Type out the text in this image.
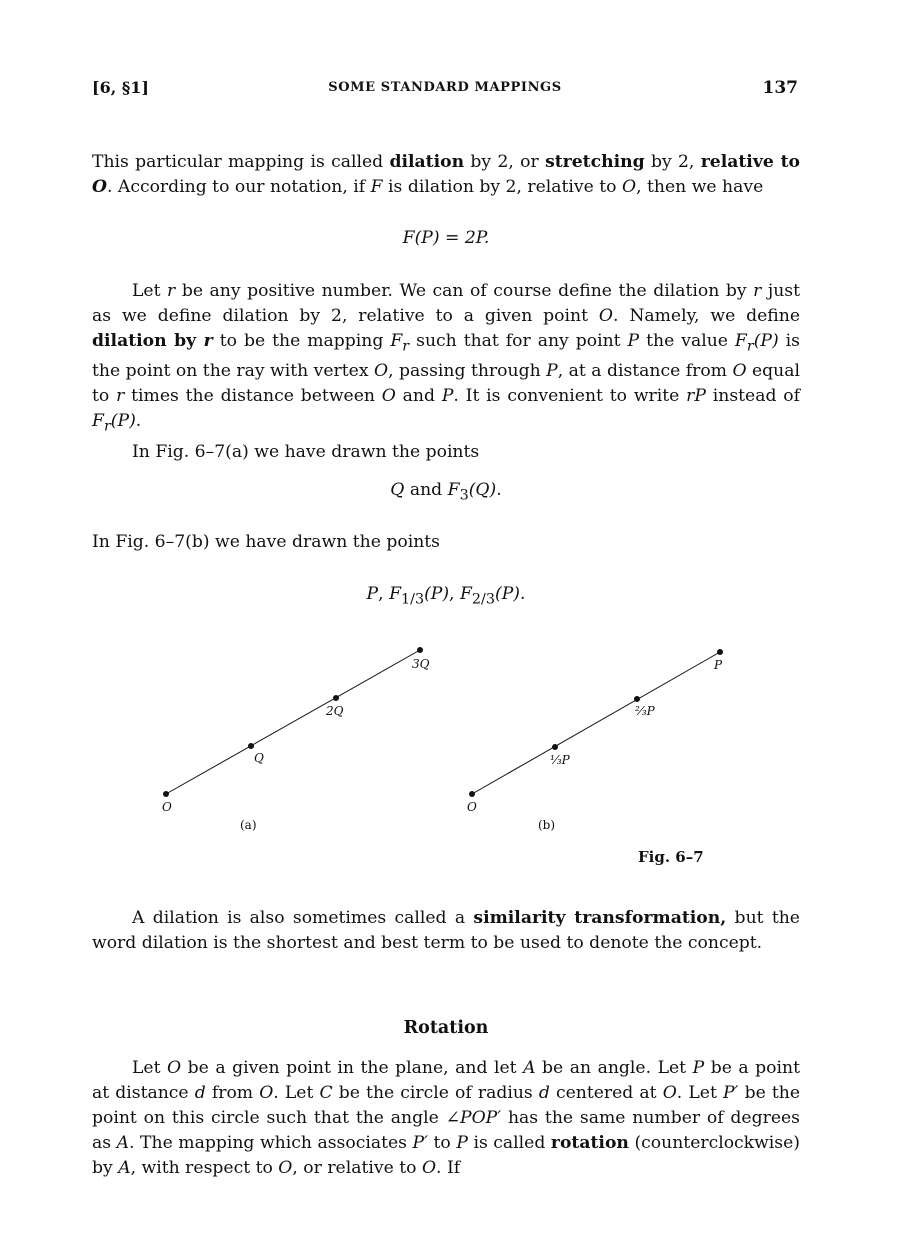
[6, §1]	SOME STANDARD MAPPINGS	137

This particular mapping is called dilation by 2, or stretching by 2, relative to O. According to our notation, if F is dilation by 2, relative to O, then we have

F(P) = 2P.

Let r be any positive number. We can of course define the dilation by r just as we define dilation by 2, relative to a given point O. Namely, we define dilation by r to be the mapping $F_r$ such that for any point P the value $F_r(P)$ is the point on the ray with vertex O, passing through P, at a distance from O equal to r times the distance between O and P. It is convenient to write rP instead of $F_r(P)$.

In Fig. 6–7(a) we have drawn the points

Q and $F_3(Q)$.

In Fig. 6–7(b) we have drawn the points

P, $F_{1/3}(P)$, $F_{2/3}(P)$.

O
Q
2Q
3Q
(a)
O
⅓P
⅔P
P
(b)
Fig. 6–7

A dilation is also sometimes called a similarity transformation, but the word dilation is the shortest and best term to be used to denote the concept.

Rotation

Let O be a given point in the plane, and let A be an angle. Let P be a point at distance d from O. Let C be the circle of radius d centered at O. Let P′ be the point on this circle such that the angle ∠POP′ has the same number of degrees as A. The mapping which associates P′ to P is called rotation (counterclockwise) by A, with respect to O, or relative to O. If
